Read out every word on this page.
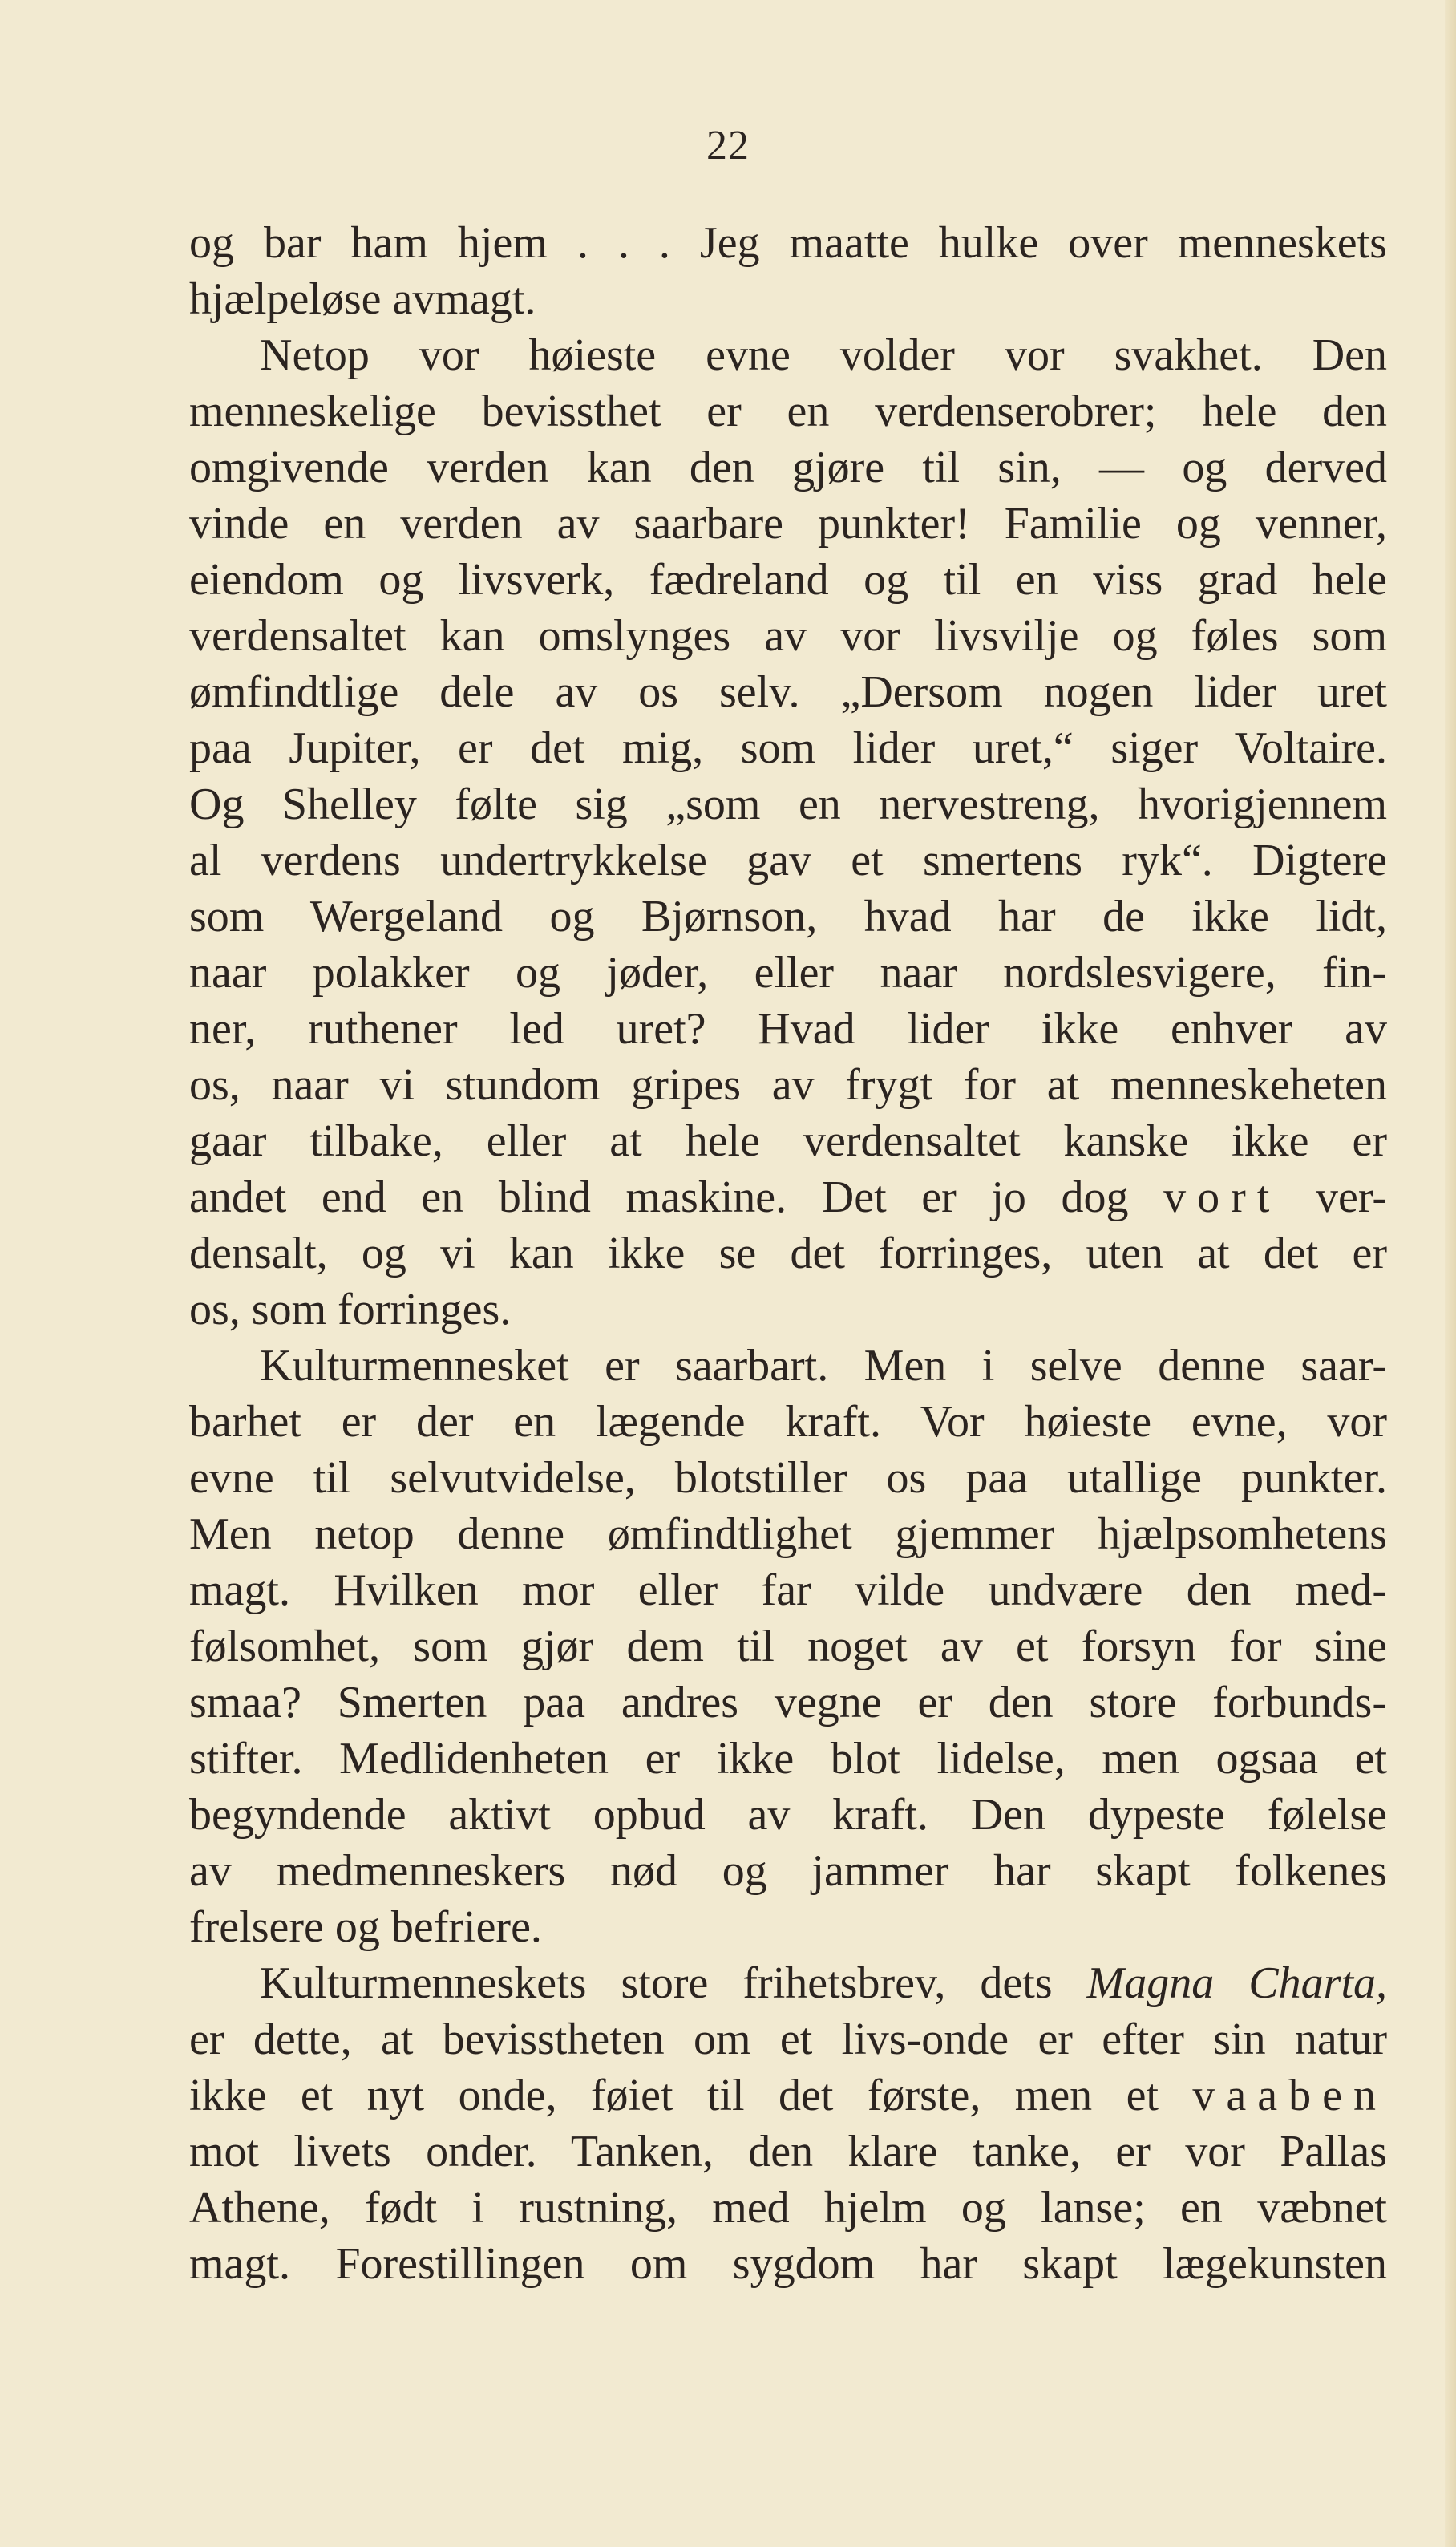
22
og bar ham hjem . . . Jeg maatte hulke over menneskets
hjælpeløse avmagt.
Netop vor høieste evne volder vor svakhet. Den
menneskelige bevissthet er en verdenserobrer; hele den
omgivende verden kan den gjøre til sin, — og derved
vinde en verden av saarbare punkter! Familie og venner,
eiendom og livsverk, fædreland og til en viss grad hele
verdensaltet kan omslynges av vor livsvilje og føles som
ømfindtlige dele av os selv. „Dersom nogen lider uret
paa Jupiter, er det mig, som lider uret,“ siger Voltaire.
Og Shelley følte sig „som en nervestreng, hvorigjennem
al verdens undertrykkelse gav et smertens ryk“. Digtere
som Wergeland og Bjørnson, hvad har de ikke lidt,
naar polakker og jøder, eller naar nordslesvigere, fin-
ner, ruthener led uret? Hvad lider ikke enhver av
os, naar vi stundom gripes av frygt for at menneskeheten
gaar tilbake, eller at hele verdensaltet kanske ikke er
andet end en blind maskine. Det er jo dog vort ver-
densalt, og vi kan ikke se det forringes, uten at det er
os, som forringes.
Kulturmennesket er saarbart. Men i selve denne saar-
barhet er der en lægende kraft. Vor høieste evne, vor
evne til selvutvidelse, blotstiller os paa utallige punkter.
Men netop denne ømfindtlighet gjemmer hjælpsomhetens
magt. Hvilken mor eller far vilde undvære den med-
følsomhet, som gjør dem til noget av et forsyn for sine
smaa? Smerten paa andres vegne er den store forbunds-
stifter. Medlidenheten er ikke blot lidelse, men ogsaa et
begyndende aktivt opbud av kraft. Den dypeste følelse
av medmenneskers nød og jammer har skapt folkenes
frelsere og befriere.
Kulturmenneskets store frihetsbrev, dets Magna Charta,
er dette, at bevisstheten om et livs-onde er efter sin natur
ikke et nyt onde, føiet til det første, men et vaaben
mot livets onder. Tanken, den klare tanke, er vor Pallas
Athene, født i rustning, med hjelm og lanse; en væbnet
magt. Forestillingen om sygdom har skapt lægekunsten
